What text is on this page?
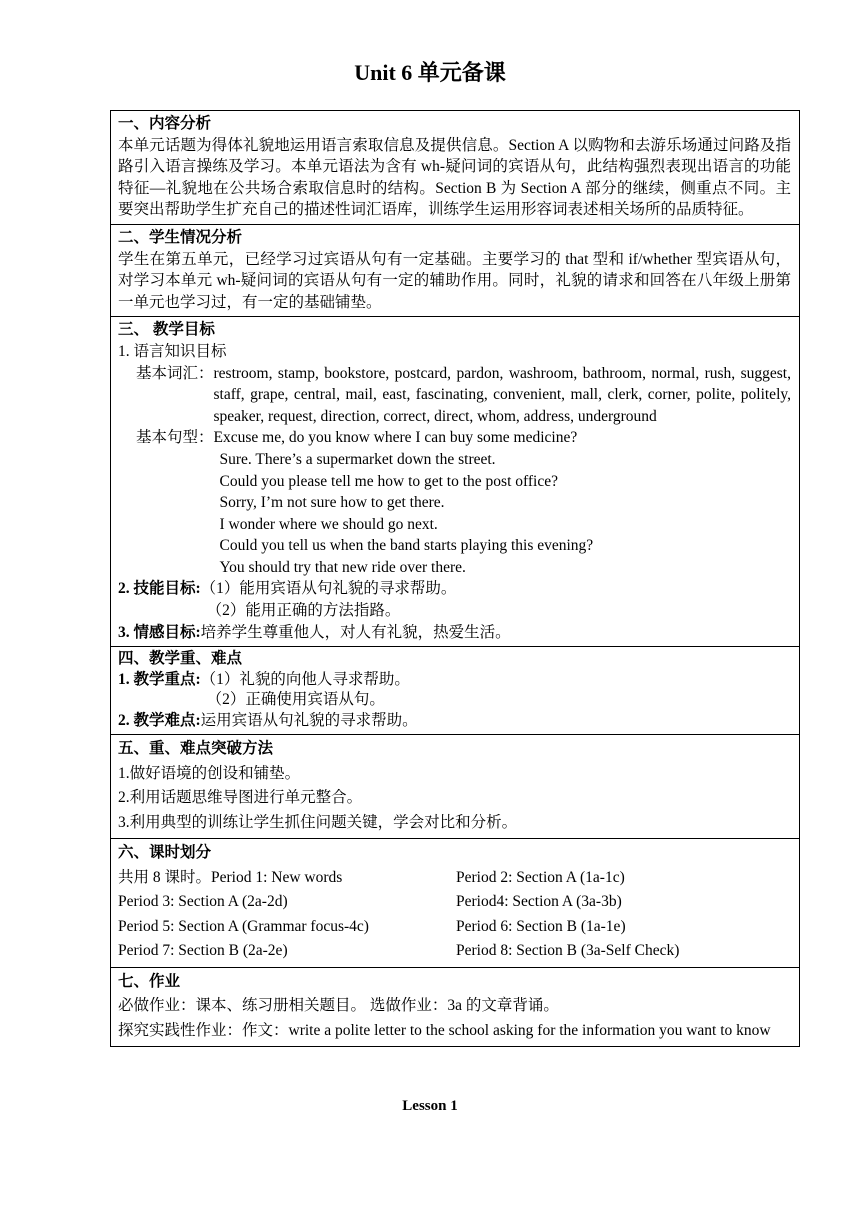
Unit 6 单元备课
一、内容分析
本单元话题为得体礼貌地运用语言索取信息及提供信息。Section A 以购物和去游乐场通过问路及指路引入语言操练及学习。本单元语法为含有 wh-疑问词的宾语从句，此结构强烈表现出语言的功能特征—礼貌地在公共场合索取信息时的结构。Section B 为 Section A 部分的继续，侧重点不同。主要突出帮助学生扩充自己的描述性词汇语库，训练学生运用形容词表述相关场所的品质特征。
二、学生情况分析
学生在第五单元，已经学习过宾语从句有一定基础。主要学习的 that 型和 if/whether 型宾语从句，对学习本单元 wh-疑问词的宾语从句有一定的辅助作用。同时，礼貌的请求和回答在八年级上册第一单元也学习过，有一定的基础铺垫。
三、 教学目标
1. 语言知识目标
基本词汇： restroom, stamp, bookstore, postcard, pardon, washroom, bathroom, normal, rush, suggest, staff, grape, central, mail, east, fascinating, convenient, mall, clerk, corner, polite, politely, speaker, request, direction, correct, direct, whom, address, underground
基本句型： Excuse me, do you know where I can buy some medicine?
Sure. There’s a supermarket down the street.
Could you please tell me how to get to the post office?
Sorry, I’m not sure how to get there.
I wonder where we should go next.
Could you tell us when the band starts playing this evening?
You should try that new ride over there.
2. 技能目标: （1）能用宾语从句礼貌的寻求帮助。
（2）能用正确的方法指路。
3. 情感目标: 培养学生尊重他人，对人有礼貌，热爱生活。
四、教学重、难点
1. 教学重点: （1）礼貌的向他人寻求帮助。
（2）正确使用宾语从句。
2. 教学难点: 运用宾语从句礼貌的寻求帮助。
五、重、难点突破方法
1.做好语境的创设和铺垫。
2.利用话题思维导图进行单元整合。
3.利用典型的训练让学生抓住问题关键，学会对比和分析。
六、课时划分
共用 8 课时。Period 1: New words	Period 2: Section A (1a-1c)
Period 3: Section A (2a-2d)	Period4: Section A (3a-3b)
Period 5: Section A (Grammar focus-4c)	Period 6: Section B (1a-1e)
Period 7: Section B (2a-2e)	Period 8: Section B (3a-Self Check)
七、作业
必做作业：课本、练习册相关题目。 选做作业：3a 的文章背诵。
探究实践性作业：作文：write a polite letter to the school asking for the information you want to know
Lesson 1
